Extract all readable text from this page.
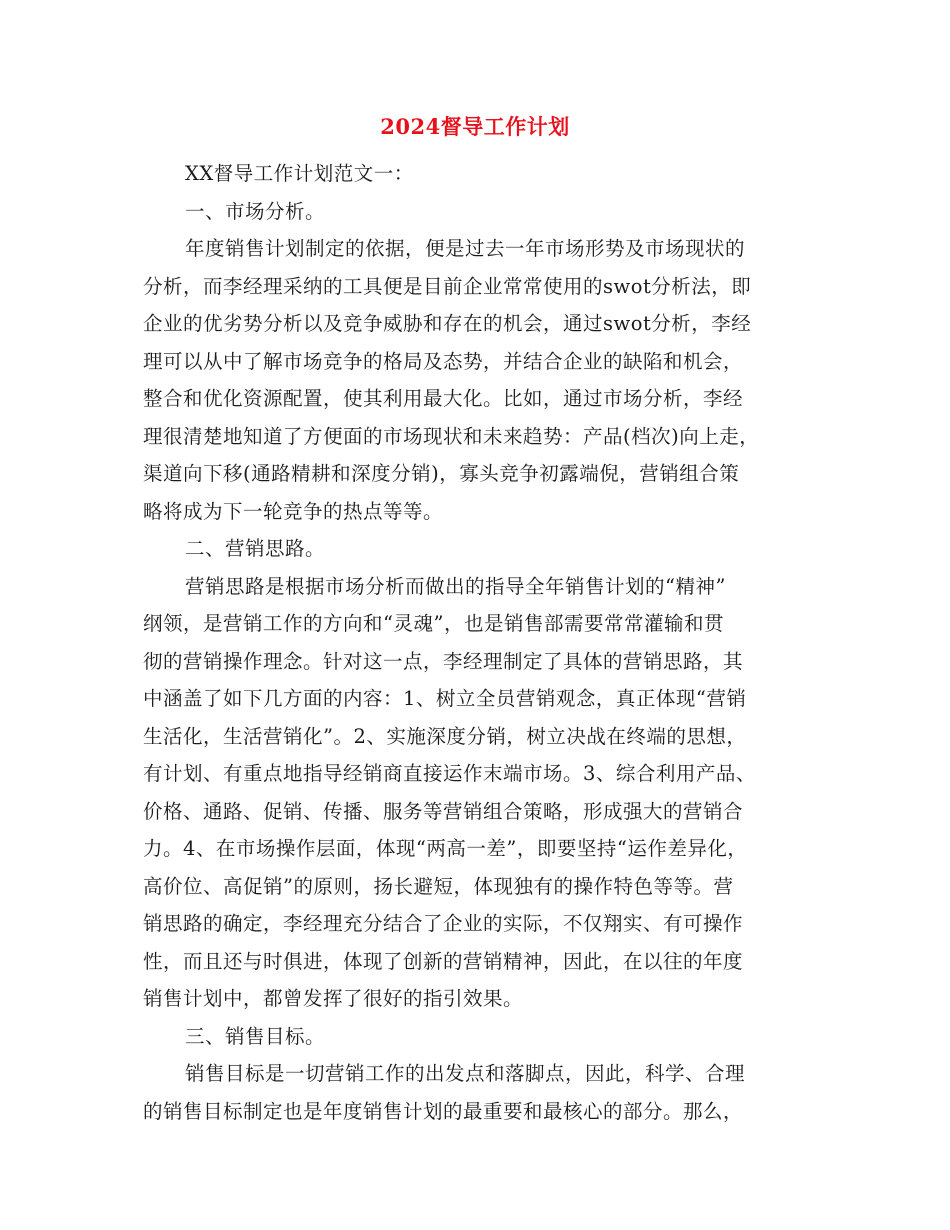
2024督导工作计划
XX督导工作计划范文一：
一、市场分析。
年度销售计划制定的依据，便是过去一年市场形势及市场现状的
分析，而李经理采纳的工具便是目前企业常常使用的swot分析法，即
企业的优劣势分析以及竞争威胁和存在的机会，通过swot分析，李经
理可以从中了解市场竞争的格局及态势，并结合企业的缺陷和机会，
整合和优化资源配置，使其利用最大化。比如，通过市场分析，李经
理很清楚地知道了方便面的市场现状和未来趋势：产品(档次)向上走，
渠道向下移(通路精耕和深度分销)，寡头竞争初露端倪，营销组合策
略将成为下一轮竞争的热点等等。
二、营销思路。
营销思路是根据市场分析而做出的指导全年销售计划的“精神”
纲领，是营销工作的方向和“灵魂”，也是销售部需要常常灌输和贯
彻的营销操作理念。针对这一点，李经理制定了具体的营销思路，其
中涵盖了如下几方面的内容：1、树立全员营销观念，真正体现“营销
生活化，生活营销化”。2、实施深度分销，树立决战在终端的思想，
有计划、有重点地指导经销商直接运作末端市场。3、综合利用产品、
价格、通路、促销、传播、服务等营销组合策略，形成强大的营销合
力。4、在市场操作层面，体现“两高一差”，即要坚持“运作差异化，
高价位、高促销”的原则，扬长避短，体现独有的操作特色等等。营
销思路的确定，李经理充分结合了企业的实际，不仅翔实、有可操作
性，而且还与时俱进，体现了创新的营销精神，因此，在以往的年度
销售计划中，都曾发挥了很好的指引效果。
三、销售目标。
销售目标是一切营销工作的出发点和落脚点，因此，科学、合理
的销售目标制定也是年度销售计划的最重要和最核心的部分。那么，
